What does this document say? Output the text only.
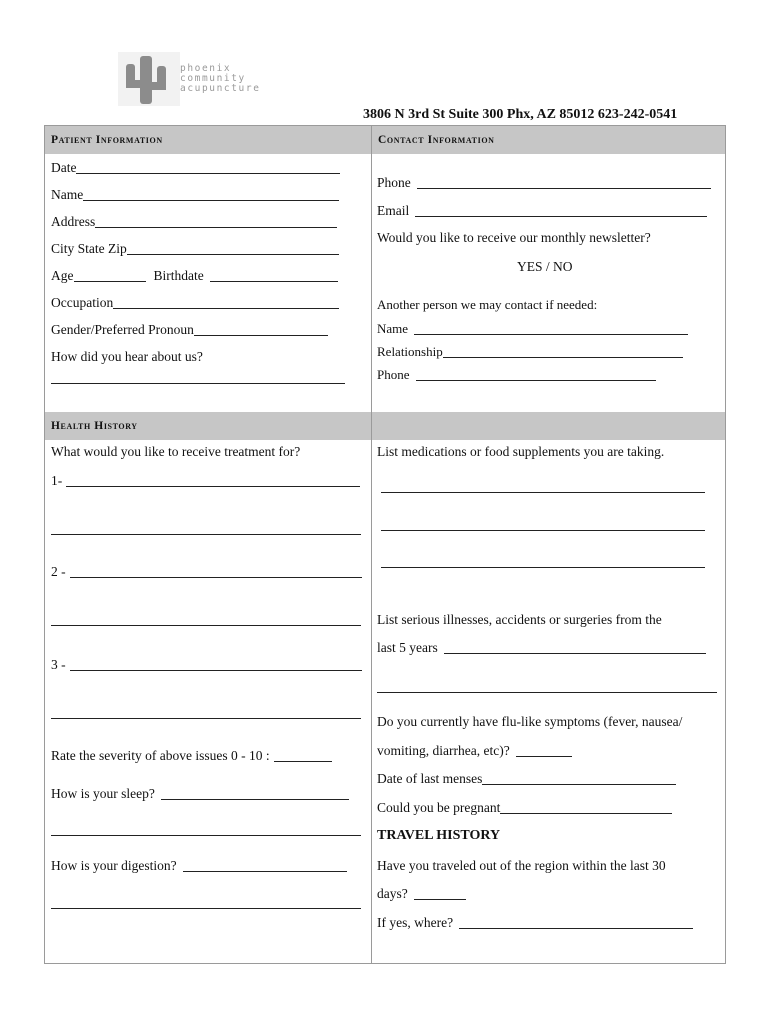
phoenix
community
acupuncture
3806 N 3rd St Suite 300 Phx, AZ 85012 623-242-0541
Patient Information	Contact Information
Health History
Date
Name
Address
City State Zip
Age	Birthdate
Occupation
Gender/Preferred Pronoun
How did you hear about us?
Phone
Email
Would you like to receive our monthly newsletter?
YES / NO
Another person we may contact if needed:
Name
Relationship
Phone
What would you like to receive treatment for?
1-
2 -
3 -
Rate the severity of above issues 0 - 10 :
How is your sleep?
How is your digestion?
List medications or food supplements you are taking.
List serious illnesses, accidents or surgeries from the
last 5 years
Do you currently have flu-like symptoms (fever, nausea/
vomiting, diarrhea, etc)?
Date of last menses
Could you be pregnant
TRAVEL HISTORY
Have you traveled out of the region within the last 30
days?
If yes, where?
